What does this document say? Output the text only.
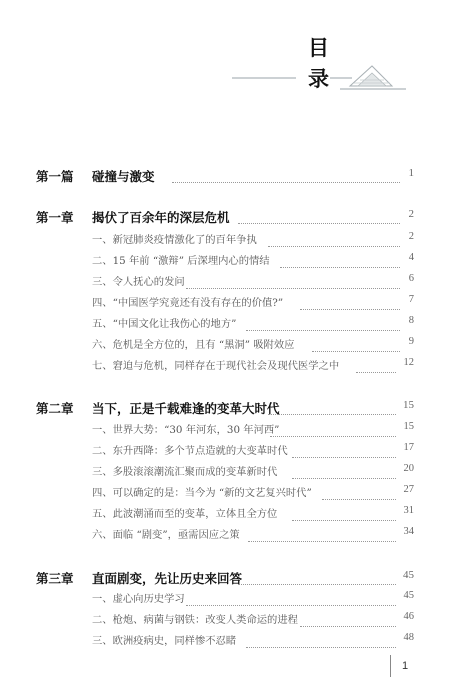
目
录
第一篇 碰撞与激变	1
第一章 揭伏了百余年的深层危机	2
一、新冠肺炎疫情激化了的百年争执	2
二、15 年前 “激辩” 后深埋内心的情结	4
三、令人抚心的发问	6
四、“中国医学究竟还有没有存在的价值?”	7
五、“中国文化让我伤心的地方”	8
六、危机是全方位的，且有 “黑洞” 吸附效应	9
七、窘迫与危机，同样存在于现代社会及现代医学之中	12
第二章 当下，正是千载难逢的变革大时代	15
一、世界大势：“30 年河东，30 年河西”	15
二、东升西降：多个节点造就的大变革时代	17
三、多股滚滚潮流汇聚而成的变革新时代	20
四、可以确定的是：当今为 “新的文艺复兴时代”	27
五、此波潮涌而至的变革，立体且全方位	31
六、面临 “剧变”，亟需因应之策	34
第三章 直面剧变，先让历史来回答	45
一、虚心向历史学习	45
二、枪炮、病菌与钢铁：改变人类命运的进程	46
三、欧洲疫病史，同样惨不忍睹	48
1
